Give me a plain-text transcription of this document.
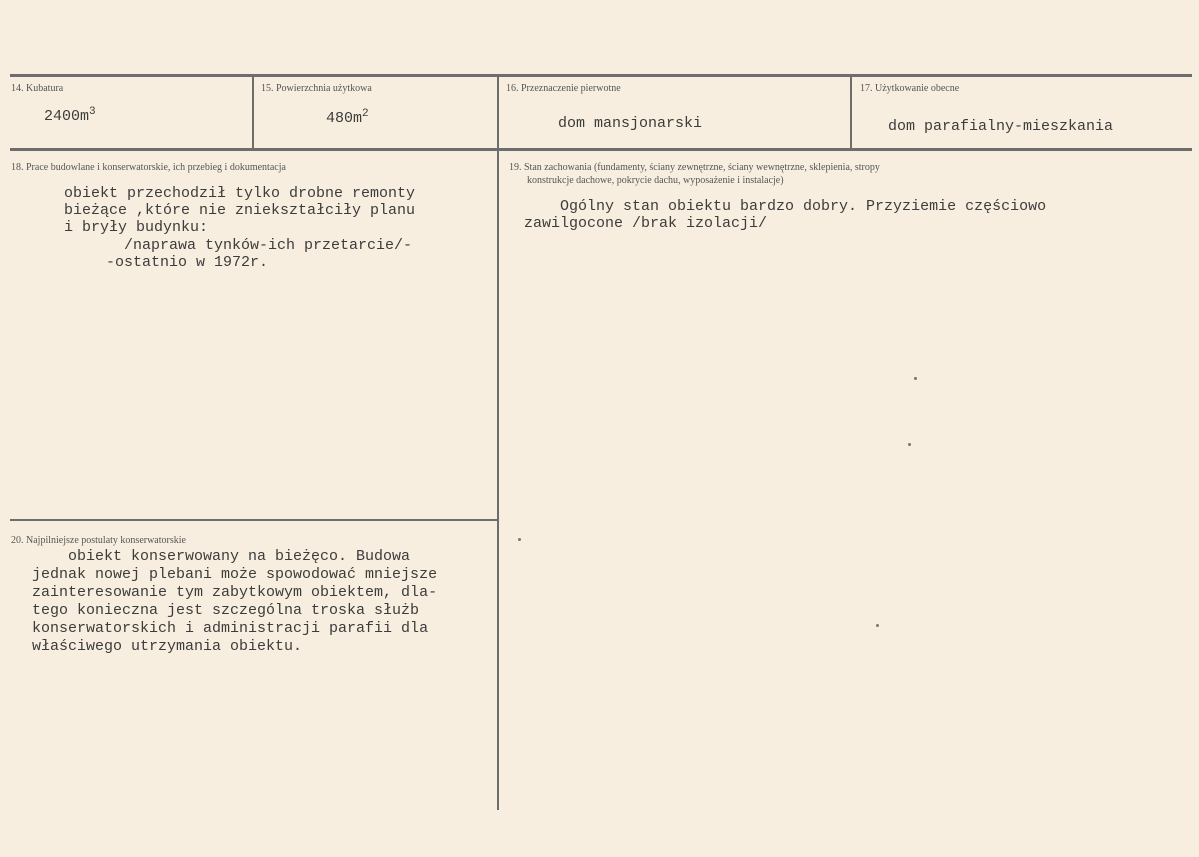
14. Kubatura
$2400m^3$
15. Powierzchnia użytkowa
$480m^2$
16. Przeznaczenie pierwotne
dom mansjonarski
17. Użytkowanie obecne
dom parafialny-mieszkania
18. Prace budowlane i konserwatorskie, ich przebieg i dokumentacja
obiekt przechodził tylko drobne remonty
bieżące ,które nie zniekształciły planu
i bryły budynku:
/naprawa tynków-ich przetarcie/-
-ostatnio w 1972r.
19. Stan zachowania (fundamenty, ściany zewnętrzne, ściany wewnętrzne, sklepienia, stropy
konstrukcje dachowe, pokrycie dachu, wyposażenie i instalacje)
Ogólny stan obiektu bardzo dobry. Przyziemie częściowo
zawilgocone /brak izolacji/
20. Najpilniejsze postulaty konserwatorskie
obiekt konserwowany na bieżęco. Budowa
jednak nowej plebani może spowodować mniejsze
zainteresowanie tym zabytkowym obiektem, dla-
tego konieczna jest szczególna troska służb
konserwatorskich i administracji parafii dla
właściwego utrzymania obiektu.
